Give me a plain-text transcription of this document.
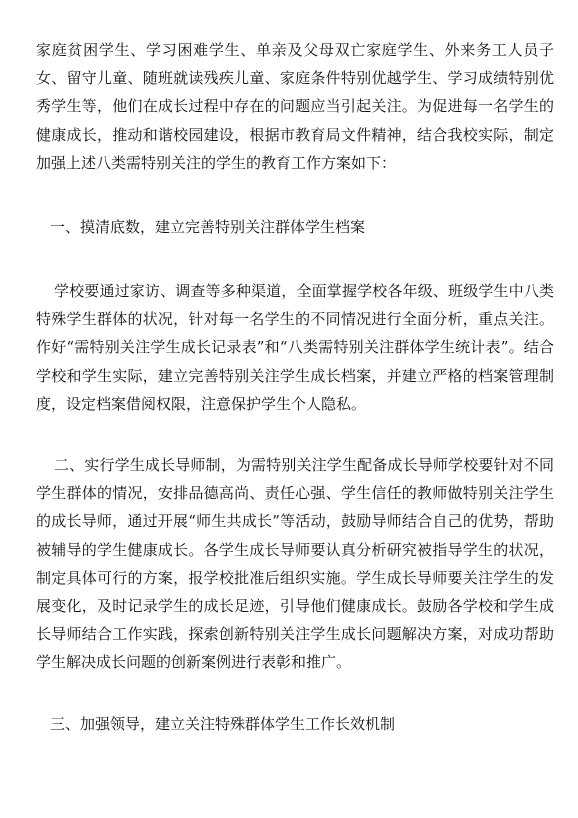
家庭贫困学生、学习困难学生、单亲及父母双亡家庭学生、外来务工人员子女、留守儿童、随班就读残疾儿童、家庭条件特别优越学生、学习成绩特别优秀学生等，他们在成长过程中存在的问题应当引起关注。为促进每一名学生的健康成长，推动和谐校园建设，根据市教育局文件精神，结合我校实际，制定加强上述八类需特别关注的学生的教育工作方案如下：

一、摸清底数，建立完善特别关注群体学生档案

学校要通过家访、调查等多种渠道，全面掌握学校各年级、班级学生中八类特殊学生群体的状况，针对每一名学生的不同情况进行全面分析，重点关注。作好“需特别关注学生成长记录表”和“八类需特别关注群体学生统计表”。结合学校和学生实际，建立完善特别关注学生成长档案，并建立严格的档案管理制度，设定档案借阅权限，注意保护学生个人隐私。

二、实行学生成长导师制，为需特别关注学生配备成长导师学校要针对不同学生群体的情况，安排品德高尚、责任心强、学生信任的教师做特别关注学生的成长导师，通过开展“师生共成长”等活动，鼓励导师结合自己的优势，帮助被辅导的学生健康成长。各学生成长导师要认真分析研究被指导学生的状况，制定具体可行的方案，报学校批准后组织实施。学生成长导师要关注学生的发展变化，及时记录学生的成长足迹，引导他们健康成长。鼓励各学校和学生成长导师结合工作实践，探索创新特别关注学生成长问题解决方案，对成功帮助学生解决成长问题的创新案例进行表彰和推广。

三、加强领导，建立关注特殊群体学生工作长效机制
